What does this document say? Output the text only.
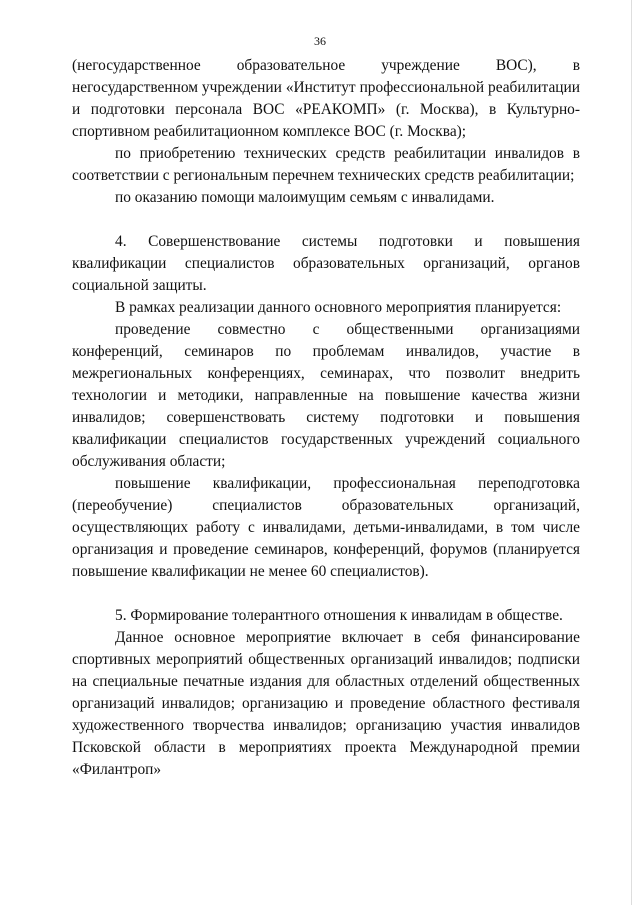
36

(негосударственное образовательное учреждение ВОС), в негосударственном учреждении «Институт профессиональной реабилитации и подготовки персонала ВОС «РЕАКОМП» (г. Москва), в Культурно-спортивном реабилитационном комплексе ВОС (г. Москва);

по приобретению технических средств реабилитации инвалидов в соответствии с региональным перечнем технических средств реабилитации;

по оказанию помощи малоимущим семьям с инвалидами.

4. Совершенствование системы подготовки и повышения квалификации специалистов образовательных организаций, органов социальной защиты.

В рамках реализации данного основного мероприятия планируется:

проведение совместно с общественными организациями конференций, семинаров по проблемам инвалидов, участие в межрегиональных конференциях, семинарах, что позволит внедрить технологии и методики, направленные на повышение качества жизни инвалидов; совершенствовать систему подготовки и повышения квалификации специалистов государственных учреждений социального обслуживания области;

повышение квалификации, профессиональная переподготовка (переобучение) специалистов образовательных организаций, осуществляющих работу с инвалидами, детьми-инвалидами, в том числе организация и проведение семинаров, конференций, форумов (планируется повышение квалификации не менее 60 специалистов).

5. Формирование толерантного отношения к инвалидам в обществе.

Данное основное мероприятие включает в себя финансирование спортивных мероприятий общественных организаций инвалидов; подписки на специальные печатные издания для областных отделений общественных организаций инвалидов; организацию и проведение областного фестиваля художественного творчества инвалидов; организацию участия инвалидов Псковской области в мероприятиях проекта Международной премии «Филантроп»
